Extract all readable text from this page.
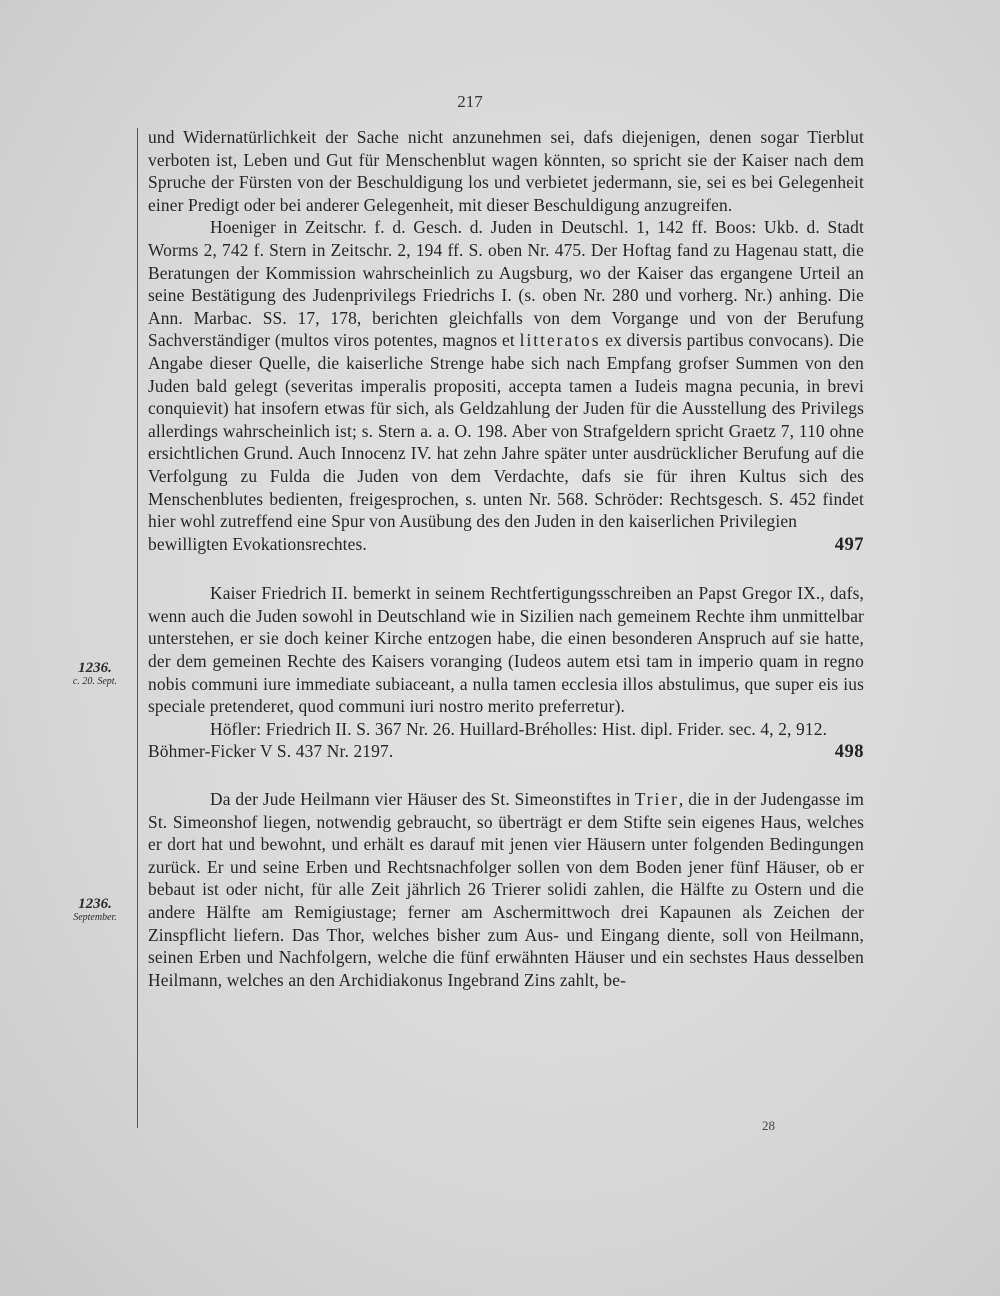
217
1236.
c. 20. Sept.
1236.
September.

und Widernatürlichkeit der Sache nicht anzunehmen sei, dafs diejenigen, denen sogar Tierblut verboten ist, Leben und Gut für Menschenblut wagen könnten, so spricht sie der Kaiser nach dem Spruche der Fürsten von der Beschuldigung los und verbietet jedermann, sie, sei es bei Gelegenheit einer Predigt oder bei anderer Gelegenheit, mit dieser Beschuldigung anzugreifen.

Hoeniger in Zeitschr. f. d. Gesch. d. Juden in Deutschl. 1, 142 ff. Boos: Ukb. d. Stadt Worms 2, 742 f. Stern in Zeitschr. 2, 194 ff. S. oben Nr. 475. Der Hoftag fand zu Hagenau statt, die Beratungen der Kommission wahrscheinlich zu Augsburg, wo der Kaiser das ergangene Urteil an seine Bestätigung des Judenprivilegs Friedrichs I. (s. oben Nr. 280 und vorherg. Nr.) anhing. Die Ann. Marbac. SS. 17, 178, berichten gleichfalls von dem Vorgange und von der Berufung Sachverständiger (multos viros potentes, magnos et litteratos ex diversis partibus convocans). Die Angabe dieser Quelle, die kaiserliche Strenge habe sich nach Empfang grofser Summen von den Juden bald gelegt (severitas imperalis propositi, accepta tamen a Iudeis magna pecunia, in brevi conquievit) hat insofern etwas für sich, als Geldzahlung der Juden für die Ausstellung des Privilegs allerdings wahrscheinlich ist; s. Stern a. a. O. 198. Aber von Strafgeldern spricht Graetz 7, 110 ohne ersichtlichen Grund. Auch Innocenz IV. hat zehn Jahre später unter ausdrücklicher Berufung auf die Verfolgung zu Fulda die Juden von dem Verdachte, dafs sie für ihren Kultus sich des Menschenblutes bedienten, freigesprochen, s. unten Nr. 568. Schröder: Rechtsgesch. S. 452 findet hier wohl zutreffend eine Spur von Ausübung des den Juden in den kaiserlichen Privilegien

bewilligten Evokationsrechtes.	497

Kaiser Friedrich II. bemerkt in seinem Rechtfertigungsschreiben an Papst Gregor IX., dafs, wenn auch die Juden sowohl in Deutschland wie in Sizilien nach gemeinem Rechte ihm unmittelbar unterstehen, er sie doch keiner Kirche entzogen habe, die einen besonderen Anspruch auf sie hatte, der dem gemeinen Rechte des Kaisers voranging (Iudeos autem etsi tam in imperio quam in regno nobis communi iure immediate subiaceant, a nulla tamen ecclesia illos abstulimus, que super eis ius speciale pretenderet, quod communi iuri nostro merito preferretur).

Höfler: Friedrich II. S. 367 Nr. 26. Huillard-Bréholles: Hist. dipl. Frider. sec. 4, 2, 912.

Böhmer-Ficker V S. 437 Nr. 2197.	498

Da der Jude Heilmann vier Häuser des St. Simeonstiftes in Trier, die in der Judengasse im St. Simeonshof liegen, notwendig gebraucht, so überträgt er dem Stifte sein eigenes Haus, welches er dort hat und bewohnt, und erhält es darauf mit jenen vier Häusern unter folgenden Bedingungen zurück. Er und seine Erben und Rechtsnachfolger sollen von dem Boden jener fünf Häuser, ob er bebaut ist oder nicht, für alle Zeit jährlich 26 Trierer solidi zahlen, die Hälfte zu Ostern und die andere Hälfte am Remigiustage; ferner am Aschermittwoch drei Kapaunen als Zeichen der Zinspflicht liefern. Das Thor, welches bisher zum Aus- und Eingang diente, soll von Heilmann, seinen Erben und Nachfolgern, welche die fünf erwähnten Häuser und ein sechstes Haus desselben Heilmann, welches an den Archidiakonus Ingebrand Zins zahlt, be-

28
